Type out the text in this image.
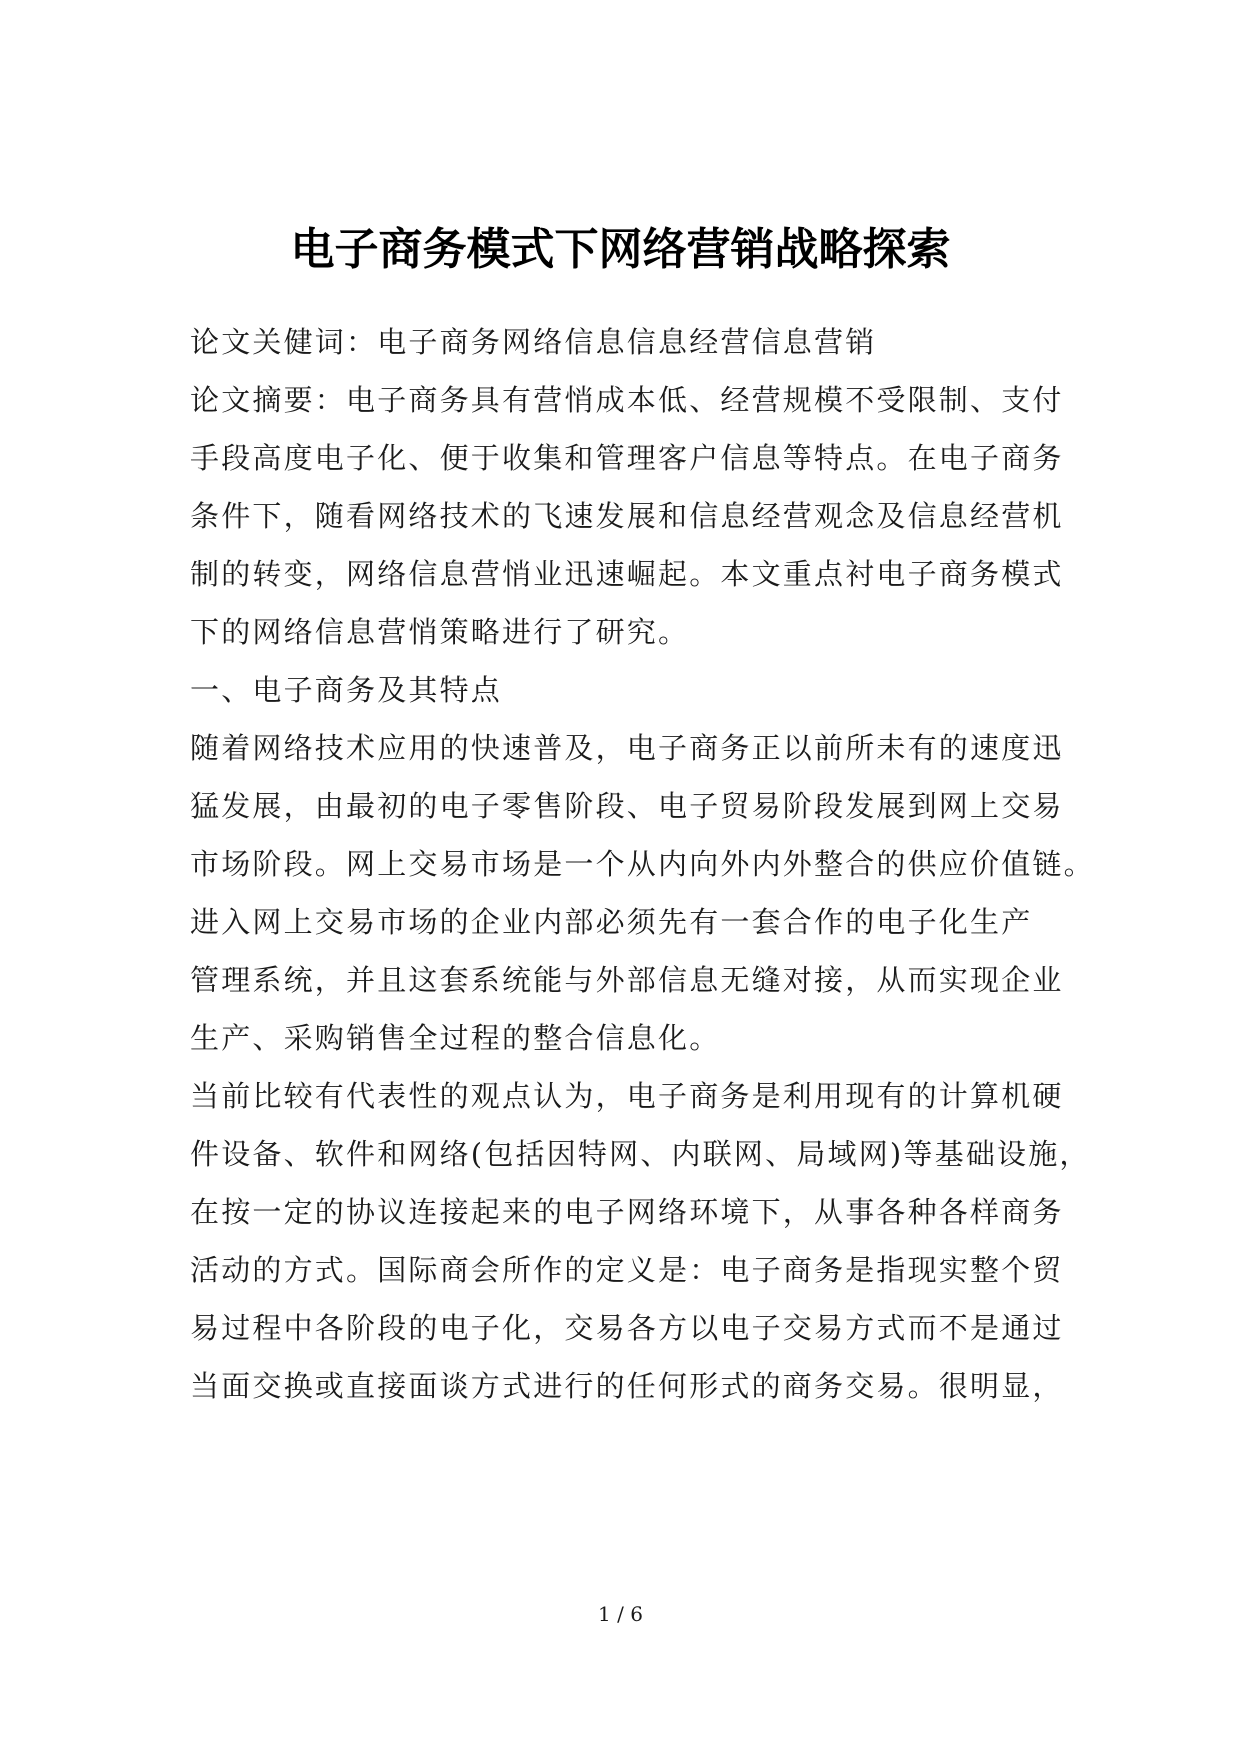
电子商务模式下网络营销战略探索
论文关健词：电子商务网络信息信息经营信息营销
论文摘要：电子商务具有营悄成本低、经营规模不受限制、支付
手段高度电子化、便于收集和管理客户信息等特点。在电子商务
条件下，随看网络技术的飞速发展和信息经营观念及信息经营机
制的转变，网络信息营悄业迅速崛起。本文重点衬电子商务模式
下的网络信息营悄策略进行了研究。
一、电子商务及其特点
随着网络技术应用的快速普及，电子商务正以前所未有的速度迅
猛发展，由最初的电子零售阶段、电子贸易阶段发展到网上交易
市场阶段。网上交易市场是一个从内向外内外整合的供应价值链。
进入网上交易市场的企业内部必须先有一套合作的电子化生产
管理系统，并且这套系统能与外部信息无缝对接，从而实现企业
生产、采购销售全过程的整合信息化。
当前比较有代表性的观点认为，电子商务是利用现有的计算机硬
件设备、软件和网络(包括因特网、内联网、局域网)等基础设施，
在按一定的协议连接起来的电子网络环境下，从事各种各样商务
活动的方式。国际商会所作的定义是：电子商务是指现实整个贸
易过程中各阶段的电子化，交易各方以电子交易方式而不是通过
当面交换或直接面谈方式进行的任何形式的商务交易。很明显，
1 / 6
